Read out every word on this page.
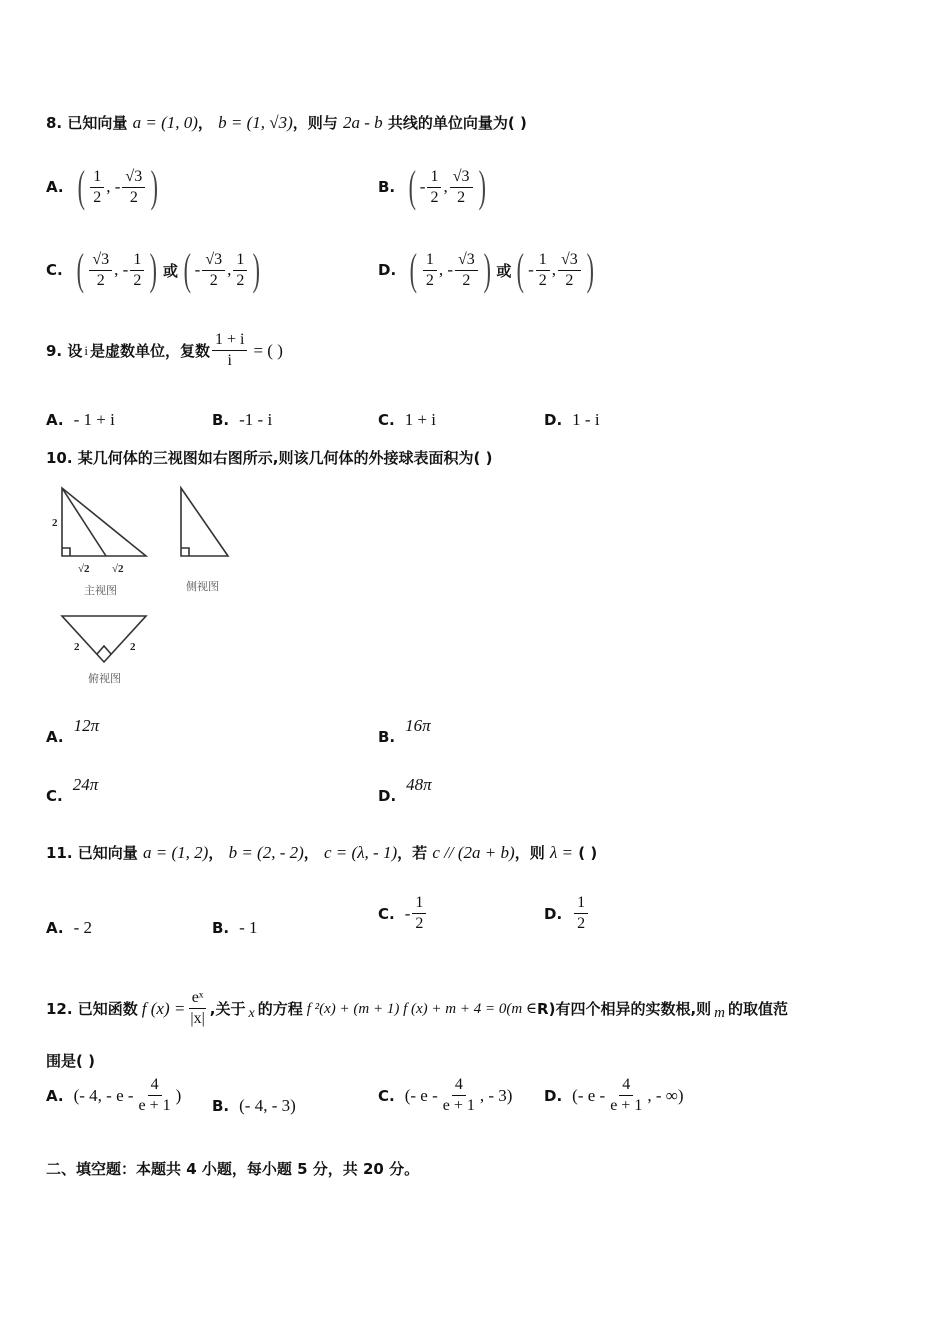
8. 已知向量 a = (1, 0)， b = (1, √3)，则与 2a - b 共线的单位向量为( )
A. ( $\frac{1}{2}$ , - $\frac{√3}{2}$ )	B. ( - $\frac{1}{2}$ , $\frac{√3}{2}$ )
C. ( $\frac{√3}{2}$ , - $\frac{1}{2}$ ) 或 ( - $\frac{√3}{2}$ , $\frac{1}{2}$ )	D. ( $\frac{1}{2}$ , - $\frac{√3}{2}$ ) 或 ( - $\frac{1}{2}$ , $\frac{√3}{2}$ )
9. 设 i 是虚数单位，复数 $\frac{1 + i}{i}$ = ( )
A. - 1 + i	B. -1 - i	C. 1 + i	D. 1 - i
10. 某几何体的三视图如右图所示,则该几何体的外接球表面积为( )
2
√2 √2
2	2
主视图	侧视图
俯视图
A.
12π
B.
16π
C.
24π
D.
48π
11. 已知向量 a = (1, 2)， b = (2, - 2)， c = (λ, - 1)，若 c // (2a + b)，则 λ = ( )
A. - 2	B. - 1
C. - $\frac{1}{2}$	D. $\frac{1}{2}$
12. 已知函数 f $(x) = \frac{\text{eˣ}}{|x|}$ ,关于 x 的方程 f ²(x) + (m + 1) f (x) + m + 4 = 0(m ∈ R) 有四个相异的实数根,则 m 的取值范
围是( )
A. (- 4, - e - $\frac{4}{e + 1}$ )
B. (- 4, - 3)
C. (- e - $\frac{4}{e + 1}$ , - 3) D. (- e - $\frac{4}{e + 1}$ , - ∞)
二、填空题：本题共 4 小题，每小题 5 分，共 20 分。
